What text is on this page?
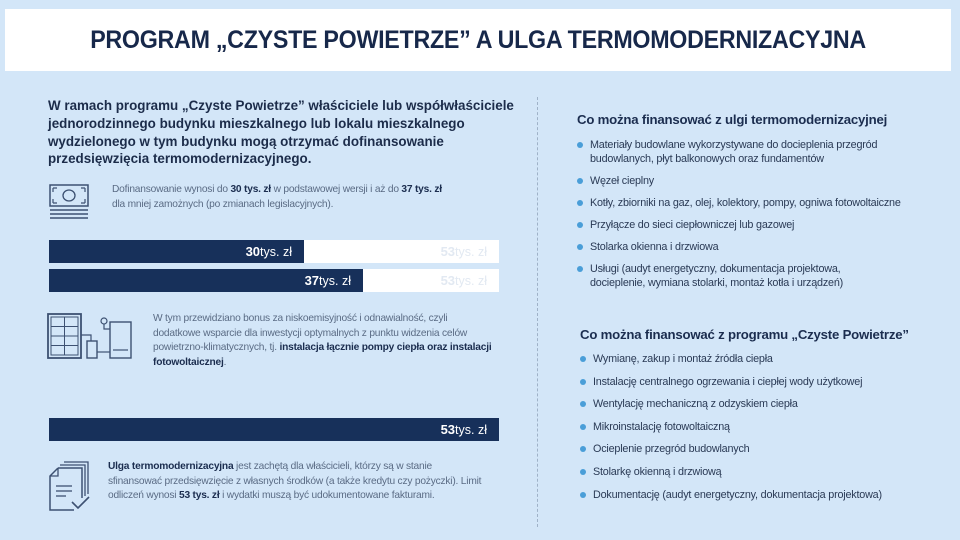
PROGRAM „CZYSTE POWIETRZE” A ULGA TERMOMODERNIZACYJNA

W ramach programu „Czyste Powietrze” właściciele lub współwłaściciele jednorodzinnego budynku mieszkalnego lub lokalu mieszkalnego wydzielonego w tym budynku mogą otrzymać dofinansowanie przedsięwzięcia termomodernizacyjnego.

Dofinansowanie wynosi do 30 tys. zł w podstawowej wersji i aż do 37 tys. zł dla mniej zamożnych (po zmianach legislacyjnych).

30 tys. zł	53 tys. zł
37 tys. zł	53 tys. zł

W tym przewidziano bonus za niskoemisyjność i odnawialność, czyli dodatkowe wsparcie dla inwestycji optymalnych z punktu widzenia celów powietrzno-klimatycznych, tj. instalacja łącznie pompy ciepła oraz instalacji fotowoltaicznej.

53 tys. zł

Ulga termomodernizacyjna jest zachętą dla właścicieli, którzy są w stanie sfinansować przedsięwzięcie z własnych środków (a także kredytu czy pożyczki). Limit odliczeń wynosi 53 tys. zł i wydatki muszą być udokumentowane fakturami.

Co można finansować z ulgi termomodernizacyjnej
Materiały budowlane wykorzystywane do docieplenia przegród budowlanych, płyt balkonowych oraz fundamentów
Węzeł cieplny
Kotły, zbiorniki na gaz, olej, kolektory, pompy, ogniwa fotowoltaiczne
Przyłącze do sieci ciepłowniczej lub gazowej
Stolarka okienna i drzwiowa
Usługi (audyt energetyczny, dokumentacja projektowa, docieplenie, wymiana stolarki, montaż kotła i urządzeń)
Co można finansować z programu „Czyste Powietrze”
Wymianę, zakup i montaż źródła ciepła
Instalację centralnego ogrzewania i ciepłej wody użytkowej
Wentylację mechaniczną z odzyskiem ciepła
Mikroinstalację fotowoltaiczną
Ocieplenie przegród budowlanych
Stolarkę okienną i drzwiową
Dokumentację (audyt energetyczny, dokumentacja projektowa)
